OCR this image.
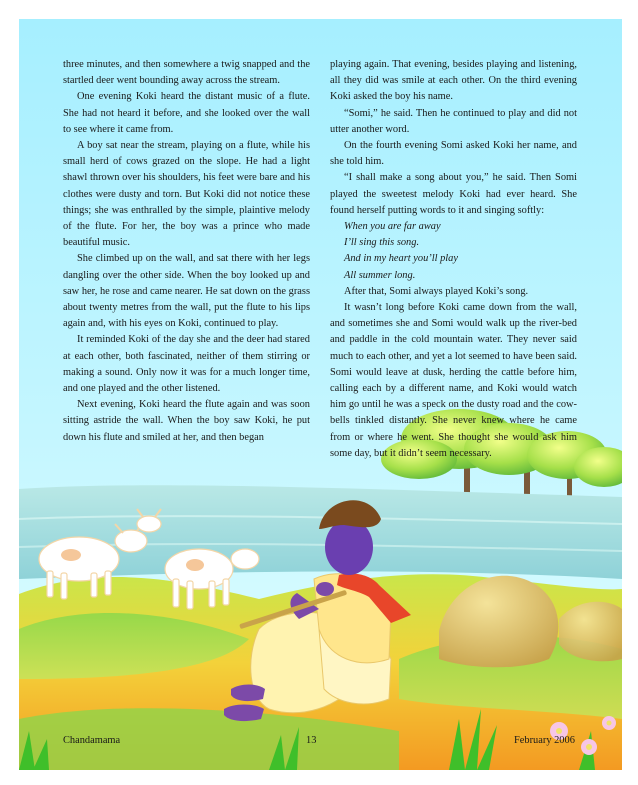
three minutes, and then somewhere a twig snapped and the startled deer went bounding away across the stream.

One evening Koki heard the distant music of a flute. She had not heard it before, and she looked over the wall to see where it came from.

A boy sat near the stream, playing on a flute, while his small herd of cows grazed on the slope. He had a light shawl thrown over his shoulders, his feet were bare and his clothes were dusty and torn. But Koki did not notice these things; she was enthralled by the simple, plaintive melody of the flute. For her, the boy was a prince who made beautiful music.

She climbed up on the wall, and sat there with her legs dangling over the other side. When the boy looked up and saw her, he rose and came nearer. He sat down on the grass about twenty metres from the wall, put the flute to his lips again and, with his eyes on Koki, continued to play.

It reminded Koki of the day she and the deer had stared at each other, both fascinated, neither of them stirring or making a sound. Only now it was for a much longer time, and one played and the other listened.

Next evening, Koki heard the flute again and was soon sitting astride the wall. When the boy saw Koki, he put down his flute and smiled at her, and then began

playing again. That evening, besides playing and listening, all they did was smile at each other. On the third evening Koki asked the boy his name.

“Somi,” he said. Then he continued to play and did not utter another word.

On the fourth evening Somi asked Koki her name, and she told him.

“I shall make a song about you,” he said. Then Somi played the sweetest melody Koki had ever heard. She found herself putting words to it and singing softly:

When you are far away

I’ll sing this song.

And in my heart you’ll play

All summer long.

After that, Somi always played Koki’s song.

It wasn’t long before Koki came down from the wall, and sometimes she and Somi would walk up the river-bed and paddle in the cold mountain water. They never said much to each other, and yet a lot seemed to have been said. Somi would leave at dusk, herding the cattle before him, calling each by a different name, and Koki would watch him go until he was a speck on the dusty road and the cow-bells tinkled distantly. She never knew where he came from or where he went. She thought she would ask him some day, but it didn’t seem necessary.

Chandamama	13	February 2006
